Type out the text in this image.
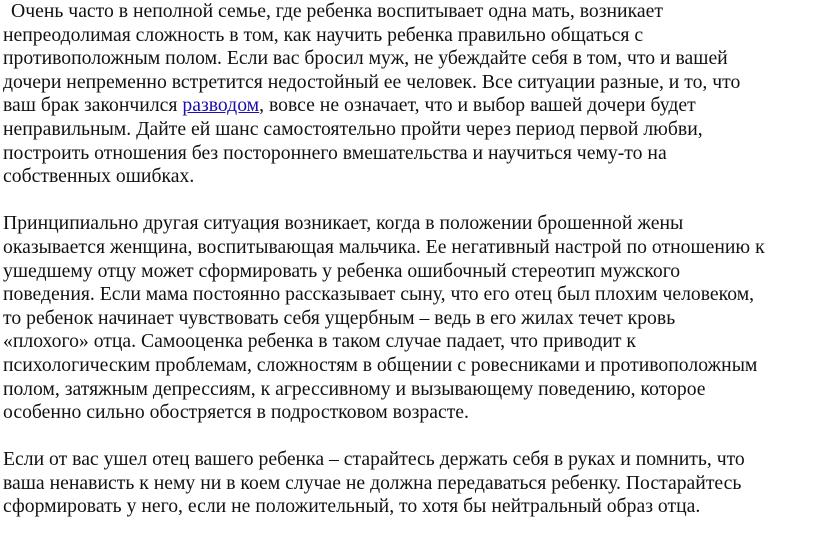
Очень часто в неполной семье, где ребенка воспитывает одна мать, возникает
непреодолимая сложность в том, как научить ребенка правильно общаться с
противоположным полом. Если вас бросил муж, не убеждайте себя в том, что и вашей
дочери непременно встретится недостойный ее человек. Все ситуации разные, и то, что
ваш брак закончился разводом, вовсе не означает, что и выбор вашей дочери будет
неправильным. Дайте ей шанс самостоятельно пройти через период первой любви,
построить отношения без постороннего вмешательства и научиться чему-то на
собственных ошибках.

Принципиально другая ситуация возникает, когда в положении брошенной жены
оказывается женщина, воспитывающая мальчика. Ее негативный настрой по отношению к
ушедшему отцу может сформировать у ребенка ошибочный стереотип мужского
поведения. Если мама постоянно рассказывает сыну, что его отец был плохим человеком,
то ребенок начинает чувствовать себя ущербным – ведь в его жилах течет кровь
«плохого» отца. Самооценка ребенка в таком случае падает, что приводит к
психологическим проблемам, сложностям в общении с ровесниками и противоположным
полом, затяжным депрессиям, к агрессивному и вызывающему поведению, которое
особенно сильно обостряется в подростковом возрасте.

Если от вас ушел отец вашего ребенка – старайтесь держать себя в руках и помнить, что
ваша ненависть к нему ни в коем случае не должна передаваться ребенку. Постарайтесь
сформировать у него, если не положительный, то хотя бы нейтральный образ отца.
